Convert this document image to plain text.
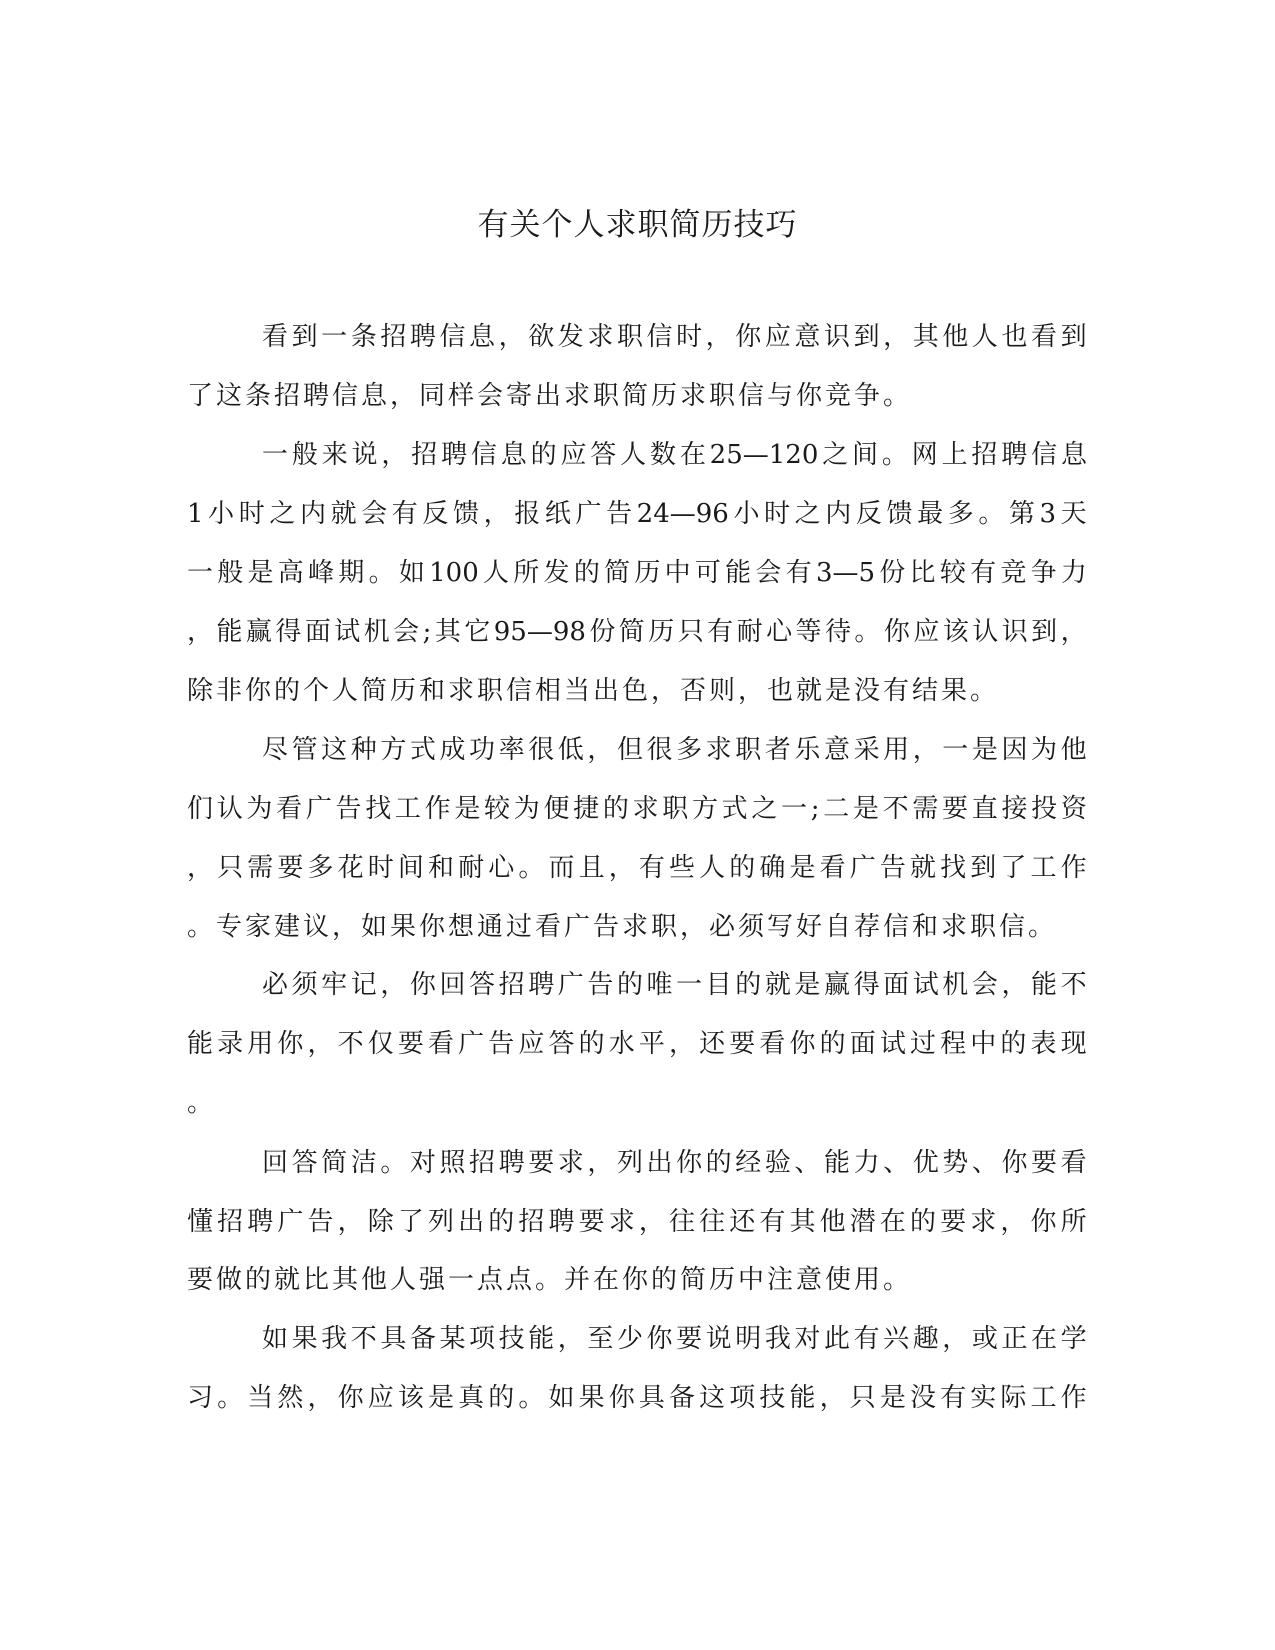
有关个人求职简历技巧
看 到 一 条 招 聘 信 息 ， 欲 发 求 职 信 时 ， 你 应 意 识 到 ， 其 他 人 也 看 到
了这条招聘信息，同样会寄出求职简历求职信与你竞争。
一 般 来 说 ， 招 聘 信 息 的 应 答 人 数 在 25—120 之 间 。 网 上 招 聘 信 息
1 小 时 之 内 就 会 有 反 馈 ， 报 纸 广 告 24—96 小 时 之 内 反 馈 最 多 。 第 3 天
一 般 是 高 峰 期 。 如 100 人 所 发 的 简 历 中 可 能 会 有 3—5 份 比 较 有 竞 争 力
， 能 赢 得 面 试 机 会 ; 其 它 95—98 份 简 历 只 有 耐 心 等 待 。 你 应 该 认 识 到 ，
除非你的个人简历和求职信相当出色，否则，也就是没有结果。
尽 管 这 种 方 式 成 功 率 很 低 ， 但 很 多 求 职 者 乐 意 采 用 ， 一 是 因 为 他
们 认 为 看 广 告 找 工 作 是 较 为 便 捷 的 求 职 方 式 之 一 ; 二 是 不 需 要 直 接 投 资
， 只 需 要 多 花 时 间 和 耐 心 。 而 且 ， 有 些 人 的 确 是 看 广 告 就 找 到 了 工 作
。专家建议，如果你想通过看广告求职，必须写好自荐信和求职信。
必 须 牢 记 ， 你 回 答 招 聘 广 告 的 唯 一 目 的 就 是 赢 得 面 试 机 会 ， 能 不
能 录 用 你 ， 不 仅 要 看 广 告 应 答 的 水 平 ， 还 要 看 你 的 面 试 过 程 中 的 表 现
。
回 答 简 洁 。 对 照 招 聘 要 求 ， 列 出 你 的 经 验 、 能 力 、 优 势 、 你 要 看
懂 招 聘 广 告 ， 除 了 列 出 的 招 聘 要 求 ， 往 往 还 有 其 他 潜 在 的 要 求 ， 你 所
要做的就比其他人强一点点。并在你的简历中注意使用。
如 果 我 不 具 备 某 项 技 能 ， 至 少 你 要 说 明 我 对 此 有 兴 趣 ， 或 正 在 学
习 。 当 然 ， 你 应 该 是 真 的 。 如 果 你 具 备 这 项 技 能 ， 只 是 没 有 实 际 工 作
